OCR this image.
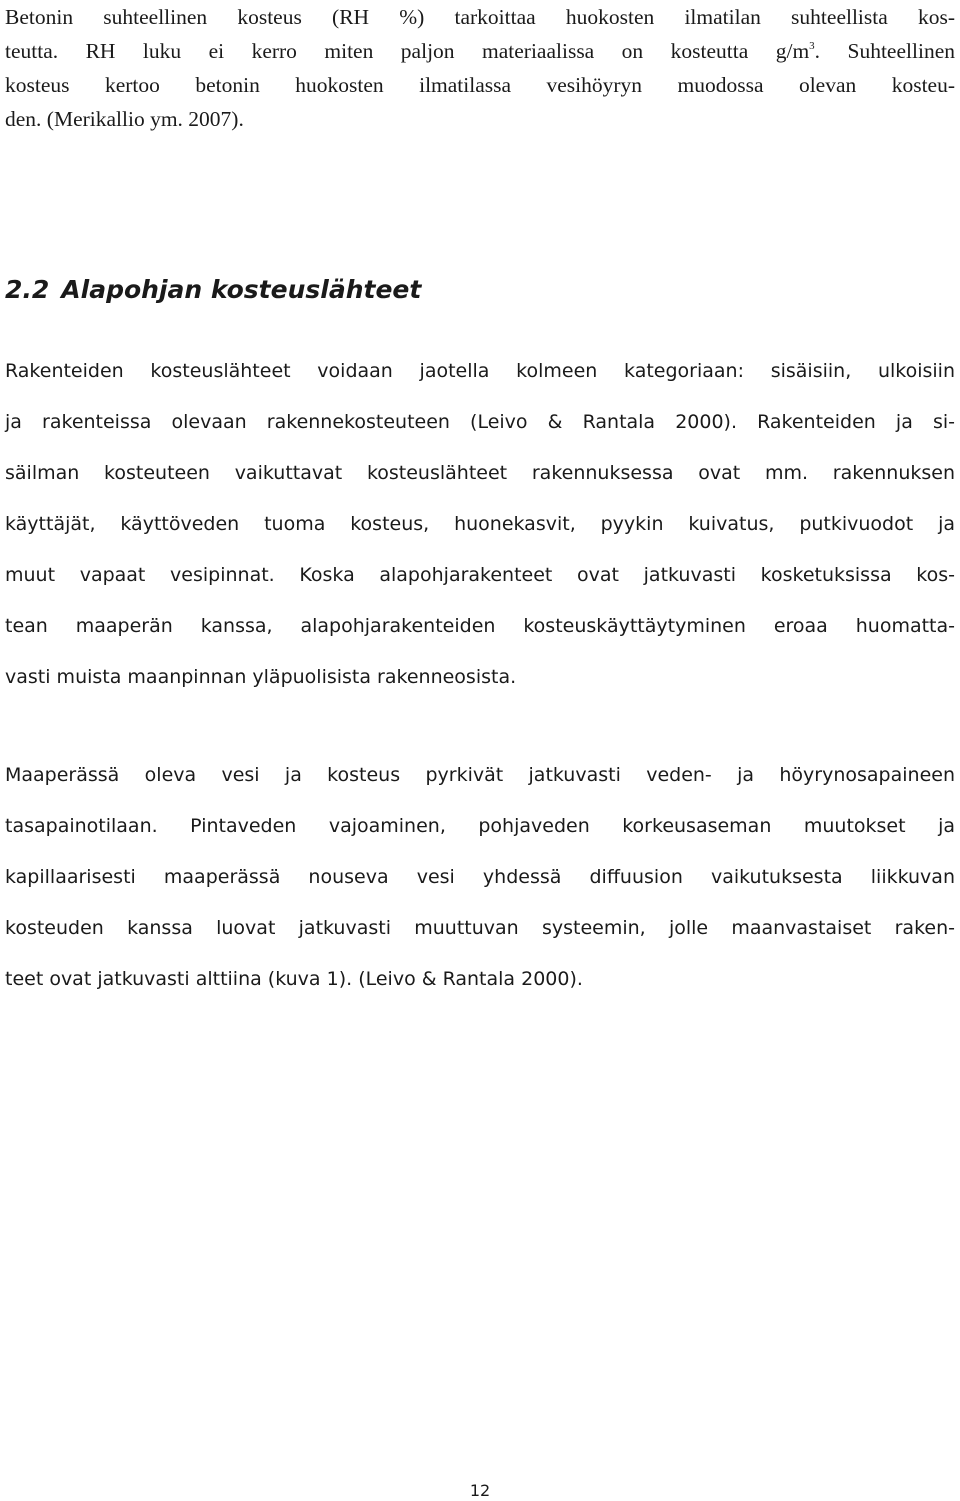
Betonin suhteellinen kosteus (RH %) tarkoittaa huokosten ilmatilan suhteellista kos-
teutta. RH luku ei kerro miten paljon materiaalissa on kosteutta $g/m^3$. Suhteellinen
kosteus kertoo betonin huokosten ilmatilassa vesihöyryn muodossa olevan kosteu-
den. (Merikallio ym. 2007).

2.2 Alapohjan kosteuslähteet

Rakenteiden kosteuslähteet voidaan jaotella kolmeen kategoriaan: sisäisiin, ulkoisiin
ja rakenteissa olevaan rakennekosteuteen (Leivo & Rantala 2000). Rakenteiden ja si-
säilman kosteuteen vaikuttavat kosteuslähteet rakennuksessa ovat mm. rakennuksen
käyttäjät, käyttöveden tuoma kosteus, huonekasvit, pyykin kuivatus, putkivuodot ja
muut vapaat vesipinnat. Koska alapohjarakenteet ovat jatkuvasti kosketuksissa kos-
tean maaperän kanssa, alapohjarakenteiden kosteuskäyttäytyminen eroaa huomatta-
vasti muista maanpinnan yläpuolisista rakenneosista.

Maaperässä oleva vesi ja kosteus pyrkivät jatkuvasti veden- ja höyrynosapaineen
tasapainotilaan. Pintaveden vajoaminen, pohjaveden korkeusaseman muutokset ja
kapillaarisesti maaperässä nouseva vesi yhdessä diffuusion vaikutuksesta liikkuvan
kosteuden kanssa luovat jatkuvasti muuttuvan systeemin, jolle maanvastaiset raken-
teet ovat jatkuvasti alttiina (kuva 1). (Leivo & Rantala 2000).

12
